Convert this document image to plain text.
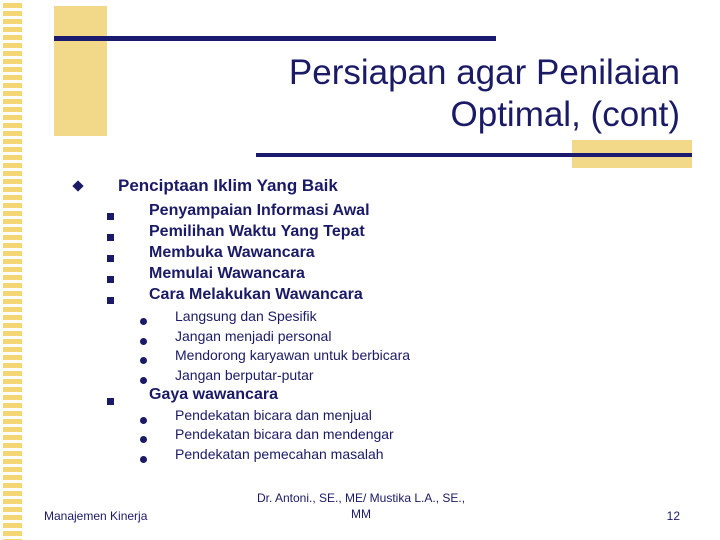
Persiapan agar Penilaian
Optimal, (cont)
Penciptaan Iklim Yang Baik
Penyampaian Informasi Awal
Pemilihan Waktu Yang Tepat
Membuka Wawancara
Memulai Wawancara
Cara Melakukan Wawancara
Langsung dan Spesifik
Jangan menjadi personal
Mendorong karyawan untuk berbicara
Jangan berputar-putar
Gaya wawancara
Pendekatan bicara dan menjual
Pendekatan bicara dan mendengar
Pendekatan pemecahan masalah
Manajemen Kinerja
Dr. Antoni., SE., ME/ Mustika L.A., SE.,
MM	12
